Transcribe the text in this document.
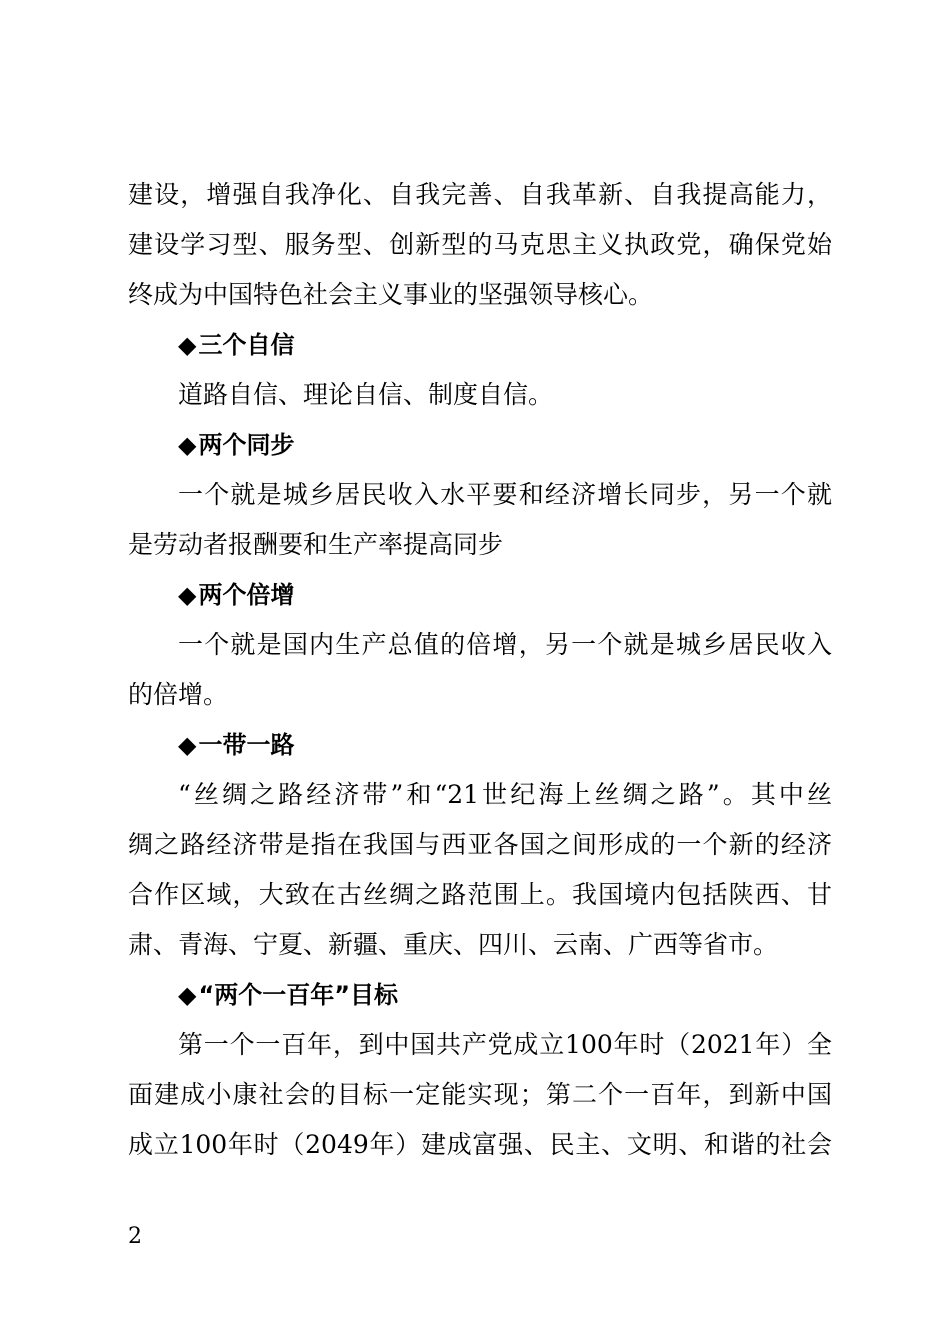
建设，增强自我净化、自我完善、自我革新、自我提高能力，
建设学习型、服务型、创新型的马克思主义执政党，确保党始
终成为中国特色社会主义事业的坚强领导核心。
◆三个自信
道路自信、理论自信、制度自信。
◆两个同步
一个就是城乡居民收入水平要和经济增长同步，另一个就
是劳动者报酬要和生产率提高同步
◆两个倍增
一个就是国内生产总值的倍增，另一个就是城乡居民收入
的倍增。
◆一带一路
“丝绸之路经济带”和“21世纪海上丝绸之路”。其中丝
绸之路经济带是指在我国与西亚各国之间形成的一个新的经济
合作区域，大致在古丝绸之路范围上。我国境内包括陕西、甘
肃、青海、宁夏、新疆、重庆、四川、云南、广西等省市。
◆“两个一百年”目标
第一个一百年，到中国共产党成立100年时（2021年）全
面建成小康社会的目标一定能实现；第二个一百年，到新中国
成立100年时（2049年）建成富强、民主、文明、和谐的社会
2
